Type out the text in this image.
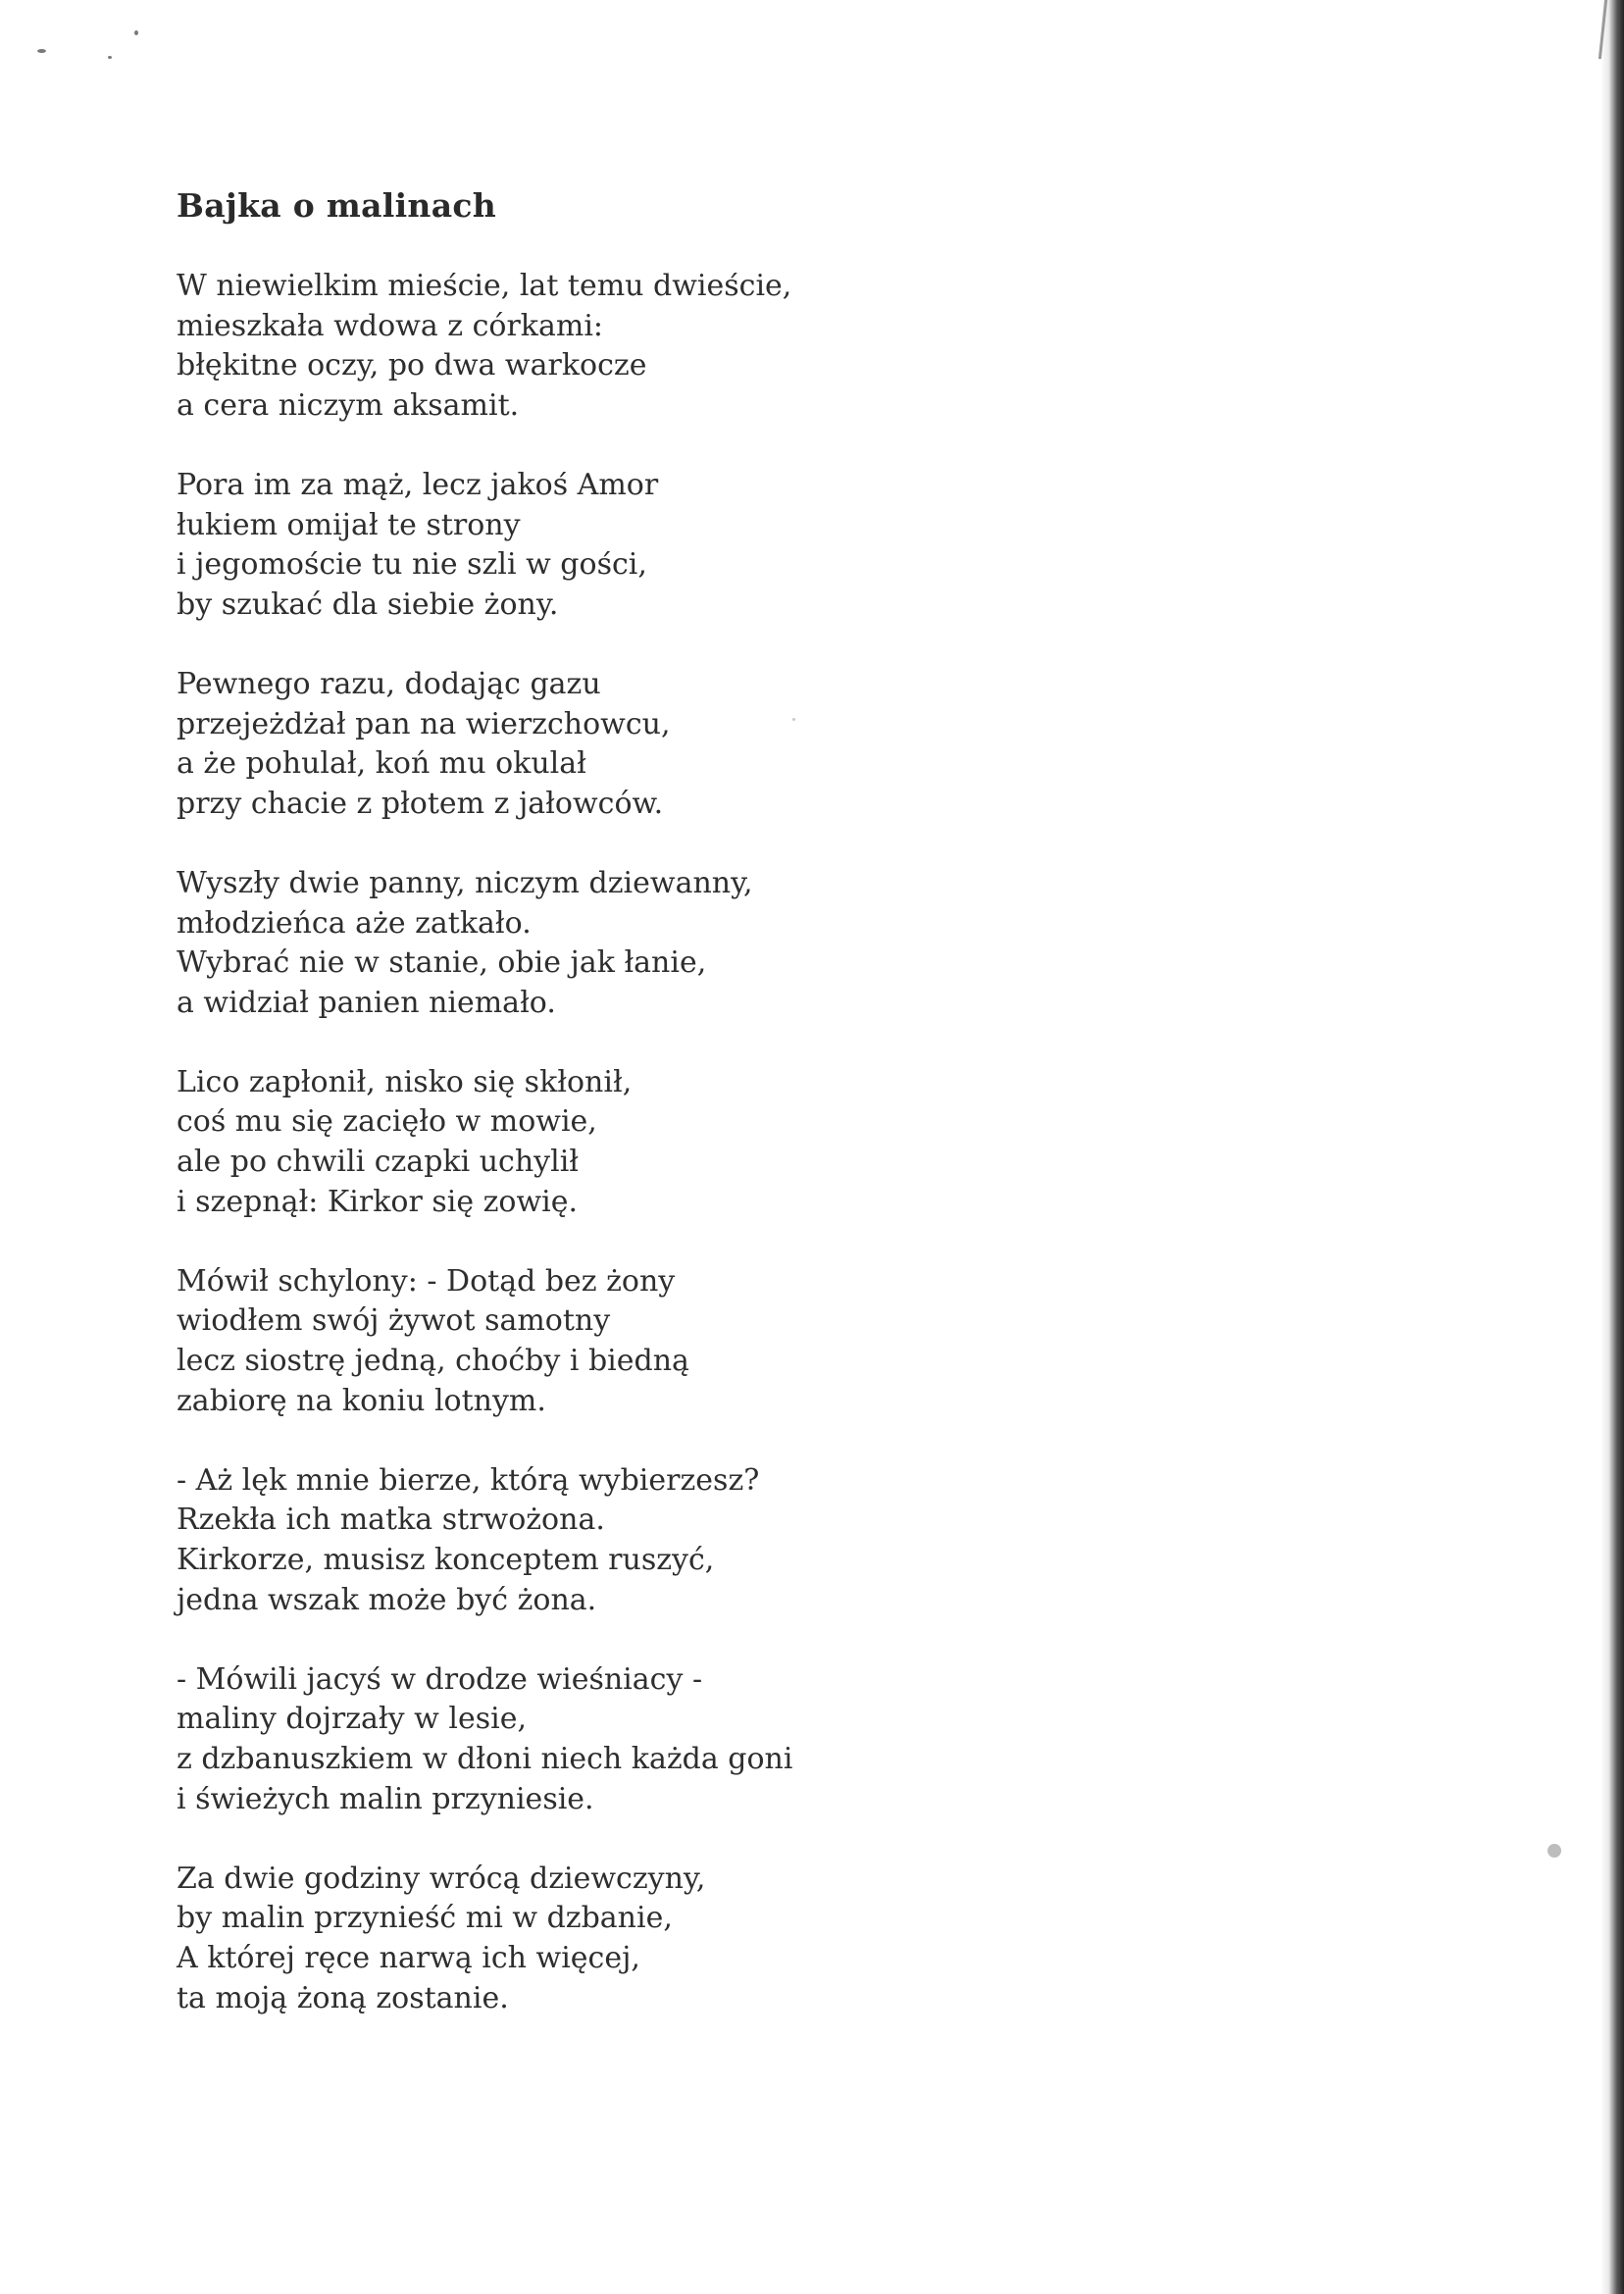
Bajka o malinach
W niewielkim mieście, lat temu dwieście,
mieszkała wdowa z córkami:
błękitne oczy, po dwa warkocze
a cera niczym aksamit.
Pora im za mąż, lecz jakoś Amor
łukiem omijał te strony
i jegomoście tu nie szli w gości,
by szukać dla siebie żony.
Pewnego razu, dodając gazu
przejeżdżał pan na wierzchowcu,
a że pohulał, koń mu okulał
przy chacie z płotem z jałowców.
Wyszły dwie panny, niczym dziewanny,
młodzieńca aże zatkało.
Wybrać nie w stanie, obie jak łanie,
a widział panien niemało.
Lico zapłonił, nisko się skłonił,
coś mu się zacięło w mowie,
ale po chwili czapki uchylił
i szepnął: Kirkor się zowię.
Mówił schylony: - Dotąd bez żony
wiodłem swój żywot samotny
lecz siostrę jedną, choćby i biedną
zabiorę na koniu lotnym.
- Aż lęk mnie bierze, którą wybierzesz?
Rzekła ich matka strwożona.
Kirkorze, musisz konceptem ruszyć,
jedna wszak może być żona.
- Mówili jacyś w drodze wieśniacy -
maliny dojrzały w lesie,
z dzbanuszkiem w dłoni niech każda goni
i świeżych malin przyniesie.
Za dwie godziny wrócą dziewczyny,
by malin przynieść mi w dzbanie,
A której ręce narwą ich więcej,
ta moją żoną zostanie.
